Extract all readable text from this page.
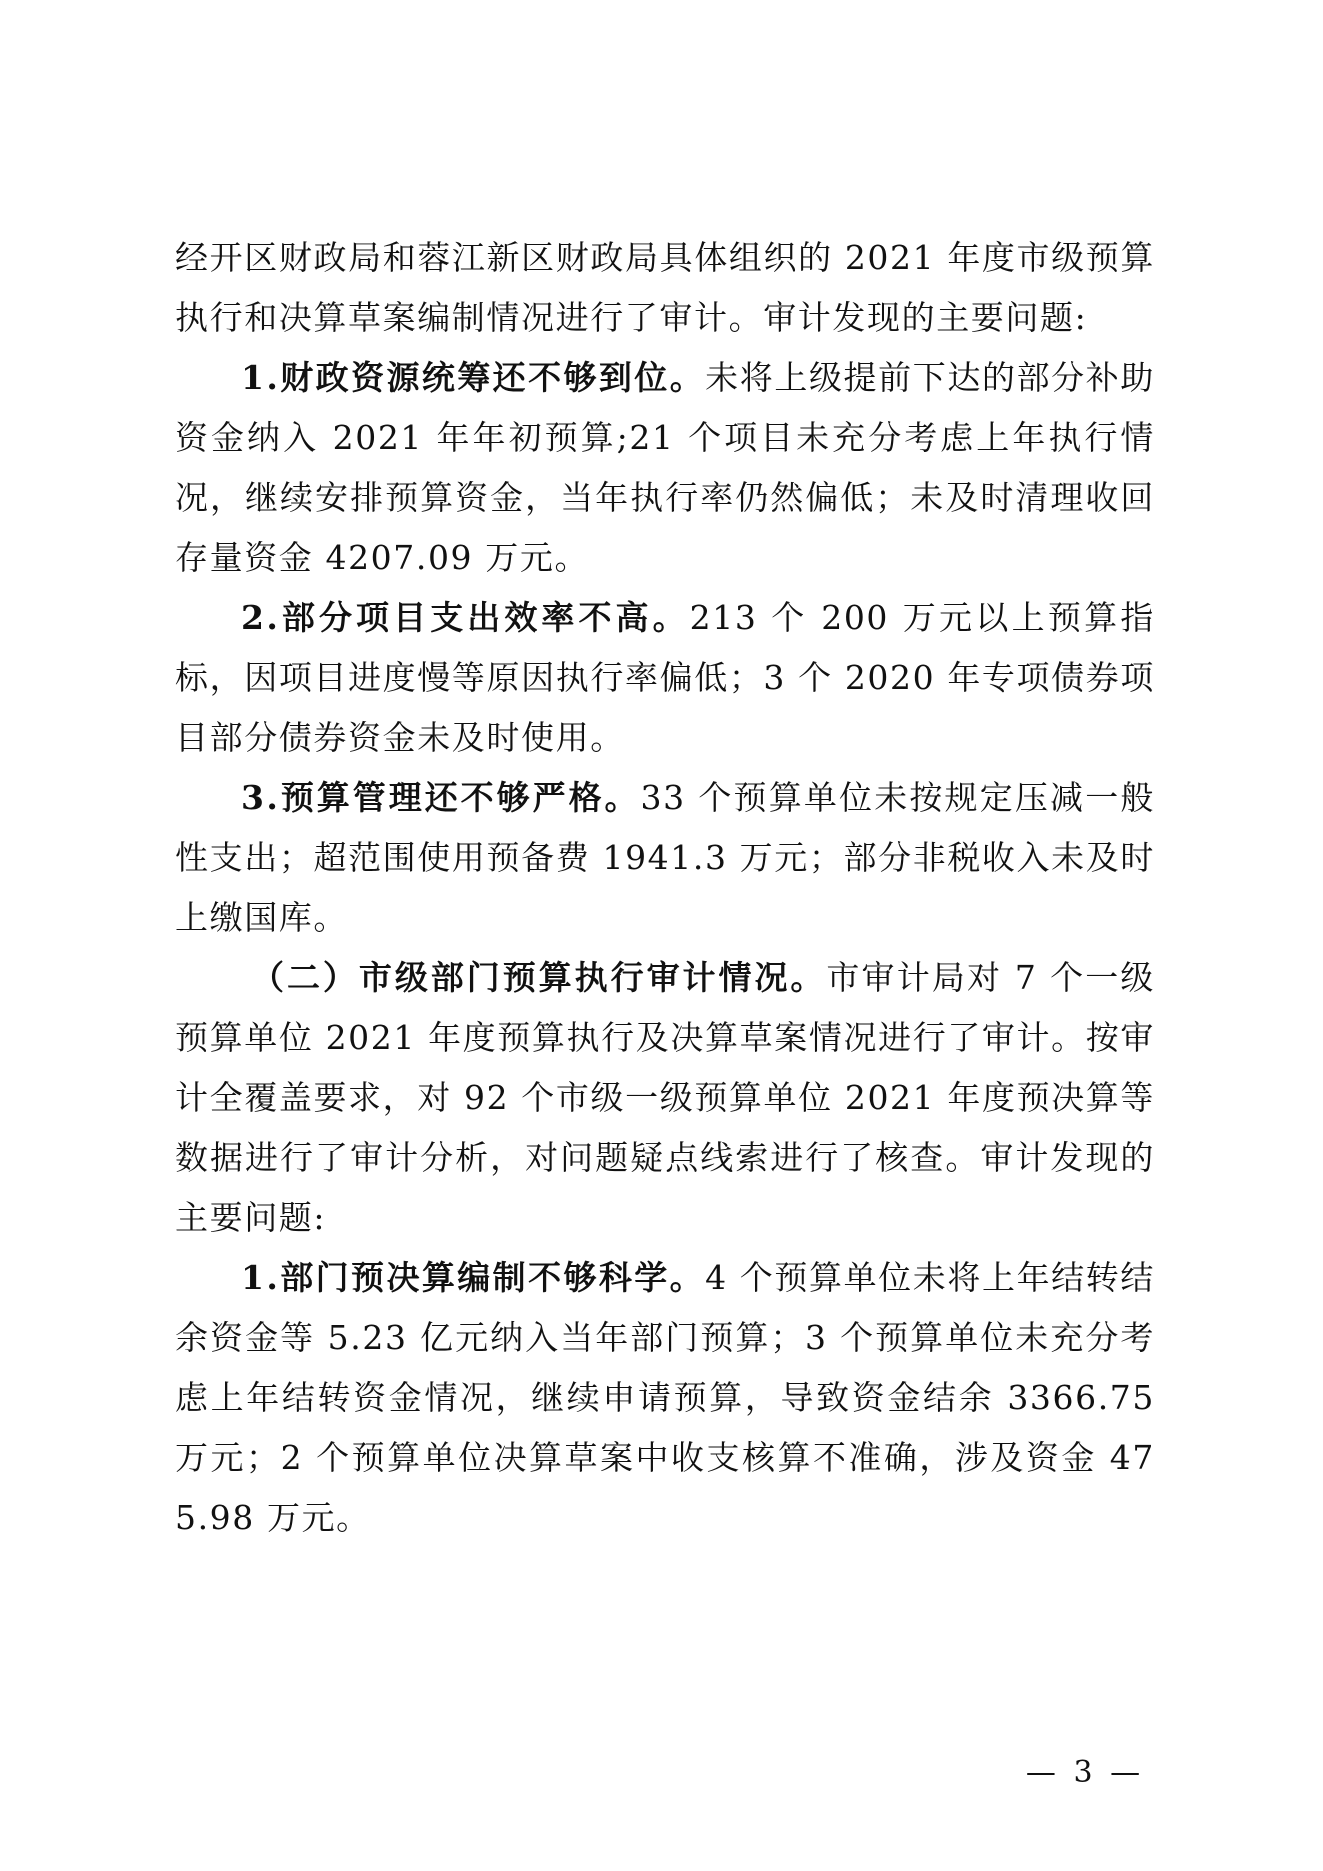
经开区财政局和蓉江新区财政局具体组织的 2021 年度市级预算执行和决算草案编制情况进行了审计。审计发现的主要问题:

1.财政资源统筹还不够到位。未将上级提前下达的部分补助资金纳入 2021 年年初预算;21 个项目未充分考虑上年执行情况，继续安排预算资金，当年执行率仍然偏低；未及时清理收回存量资金 4207.09 万元。

2.部分项目支出效率不高。213 个 200 万元以上预算指标，因项目进度慢等原因执行率偏低；3 个 2020 年专项债券项目部分债券资金未及时使用。

3.预算管理还不够严格。33 个预算单位未按规定压减一般性支出；超范围使用预备费 1941.3 万元；部分非税收入未及时上缴国库。

（二）市级部门预算执行审计情况。市审计局对 7 个一级预算单位 2021 年度预算执行及决算草案情况进行了审计。按审计全覆盖要求，对 92 个市级一级预算单位 2021 年度预决算等数据进行了审计分析，对问题疑点线索进行了核查。审计发现的主要问题:

1.部门预决算编制不够科学。4 个预算单位未将上年结转结余资金等 5.23 亿元纳入当年部门预算；3 个预算单位未充分考虑上年结转资金情况，继续申请预算，导致资金结余 3366.75 万元；2 个预算单位决算草案中收支核算不准确，涉及资金 475.98 万元。

— 3 —
